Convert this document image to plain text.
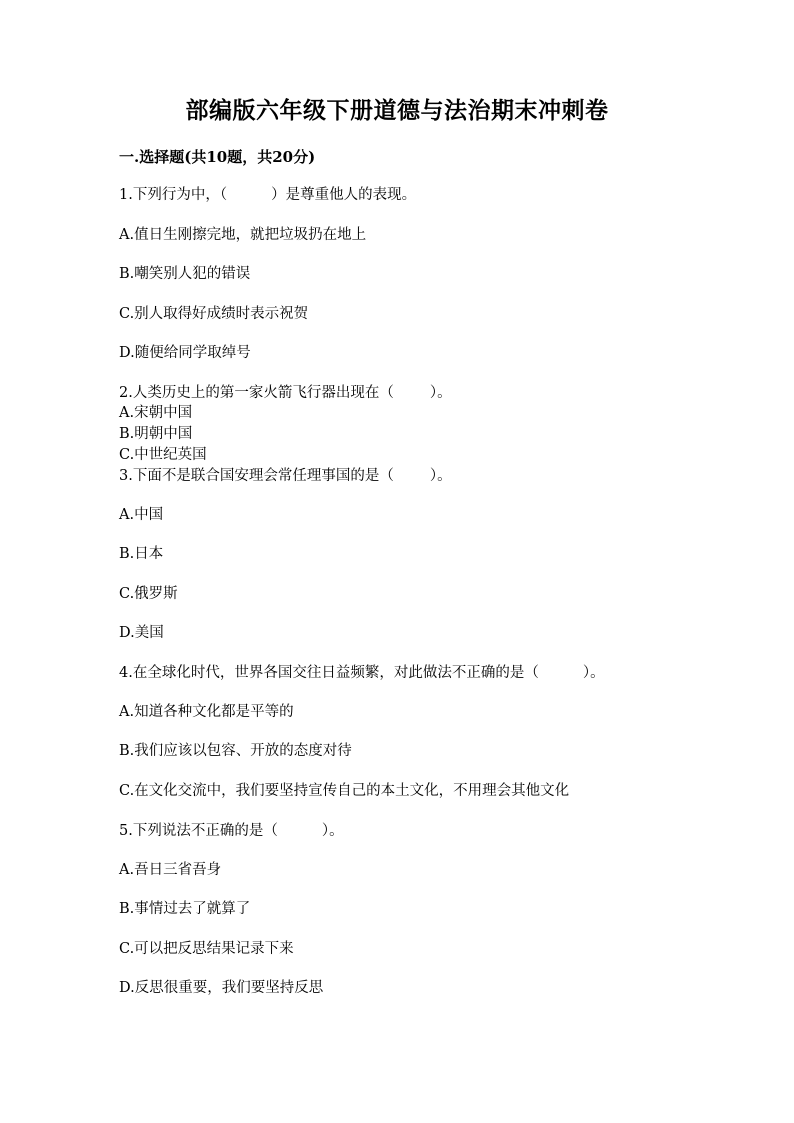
部编版六年级下册道德与法治期末冲刺卷
一.选择题(共10题，共20分)
1.下列行为中，（	）是尊重他人的表现。
A.值日生刚擦完地，就把垃圾扔在地上
B.嘲笑别人犯的错误
C.别人取得好成绩时表示祝贺
D.随便给同学取绰号
2.人类历史上的第一家火箭飞行器出现在（ ）。
A.宋朝中国
B.明朝中国
C.中世纪英国
3.下面不是联合国安理会常任理事国的是（ ）。
A.中国
B.日本
C.俄罗斯
D.美国
4.在全球化时代，世界各国交往日益频繁，对此做法不正确的是（	）。
A.知道各种文化都是平等的
B.我们应该以包容、开放的态度对待
C.在文化交流中，我们要坚持宣传自己的本土文化，不用理会其他文化
5.下列说法不正确的是（	）。
A.吾日三省吾身
B.事情过去了就算了
C.可以把反思结果记录下来
D.反思很重要，我们要坚持反思
